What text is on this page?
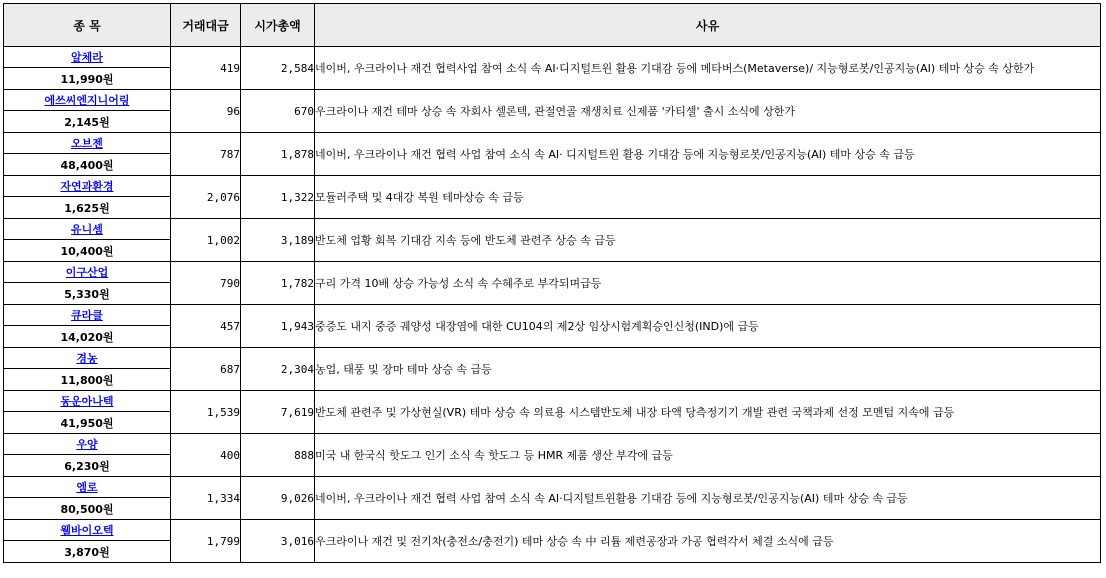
종 목	거래대금	시가총액	사유
알체라	419	2,584	네이버, 우크라이나 재건 협력사업 참여 소식 속 AI·디지털트윈 활용 기대감 등에 메타버스(Metaverse)/ 지능형로봇/인공지능(AI) 테마 상승 속 상한가
11,990원			
에쓰씨엔지니어링	96	670	우크라이나 재건 테마 상승 속 자회사 셀론텍, 관절연골 재생치료 신제품 '카티셀' 출시 소식에 상한가
2,145원			
오브젠	787	1,878	네이버, 우크라이나 재건 협력 사업 참여 소식 속 AI· 디지털트윈 활용 기대감 등에 지능형로봇/인공지능(AI) 테마 상승 속 급등
48,400원			
자연과환경	2,076	1,322	모듈러주택 및 4대강 복원 테마상승 속 급등
1,625원			
유니셈	1,002	3,189	반도체 업황 회복 기대감 지속 등에 반도체 관련주 상승 속 급등
10,400원			
이구산업	790	1,782	구리 가격 10배 상승 가능성 소식 속 수혜주로 부각되며급등
5,330원			
큐라클	457	1,943	중증도 내지 중증 궤양성 대장염에 대한 CU104의 제2상 임상시험계획승인신청(IND)에 급등
14,020원			
경농	687	2,304	농업, 태풍 및 장마 테마 상승 속 급등
11,800원			
동운아나텍	1,539	7,619	반도체 관련주 및 가상현실(VR) 테마 상승 속 의료용 시스템반도체 내장 타액 당측정기기 개발 관련 국책과제 선정 모멘텀 지속에 급등
41,950원			
우양	400	888	미국 내 한국식 핫도그 인기 소식 속 핫도그 등 HMR 제품 생산 부각에 급등
6,230원			
엠로	1,334	9,026	네이버, 우크라이나 재건 협력 사업 참여 소식 속 AI·디지털트윈활용 기대감 등에 지능형로봇/인공지능(AI) 테마 상승 속 급등
80,500원			
웰바이오텍	1,799	3,016	우크라이나 재건 및 전기차(충전소/충전기) 테마 상승 속 中 리튬 제련공장과 가공 협력각서 체결 소식에 급등
3,870원			
